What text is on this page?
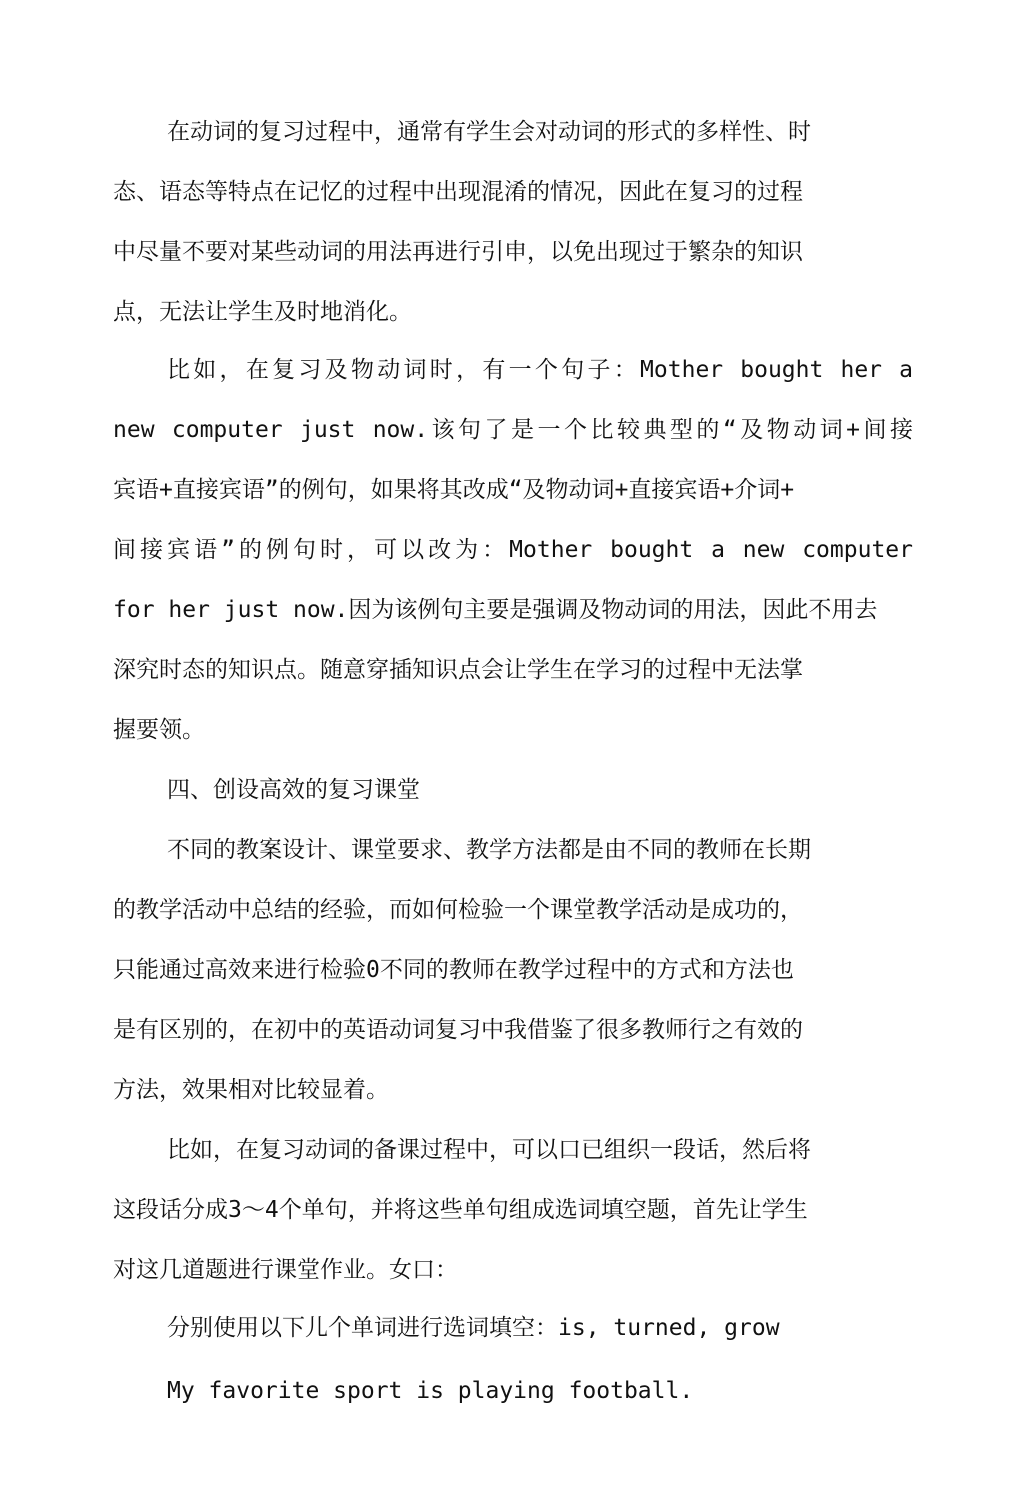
在动词的复习过程中，通常有学生会对动词的形式的多样性、时

态、语态等特点在记忆的过程中出现混淆的情况，因此在复习的过程

中尽量不要对某些动词的用法再进行引申，以免出现过于繁杂的知识

点，无法让学生及时地消化。

比如，在复习及物动词时，有一个句子：Mother bought her a

new computer just now.该句了是一个比较典型的“及物动词+间接

宾语+直接宾语”的例句，如果将其改成“及物动词+直接宾语+介词+

间接宾语”的例句时，可以改为：Mother bought a new computer

for her just now.因为该例句主要是强调及物动词的用法，因此不用去

深究时态的知识点。随意穿插知识点会让学生在学习的过程中无法掌

握要领。

四、创设高效的复习课堂

不同的教案设计、课堂要求、教学方法都是由不同的教师在长期

的教学活动中总结的经验，而如何检验一个课堂教学活动是成功的，

只能通过高效来进行检验0不同的教师在教学过程中的方式和方法也

是有区别的，在初中的英语动词复习中我借鉴了很多教师行之有效的

方法，效果相对比较显着。

比如，在复习动词的备课过程中，可以口已组织一段话，然后将

这段话分成3～4个单句，并将这些单句组成选词填空题，首先让学生

对这几道题进行课堂作业。女口：

分别使用以下儿个单词进行选词填空：is, turned, grow

My favorite sport is playing football.
